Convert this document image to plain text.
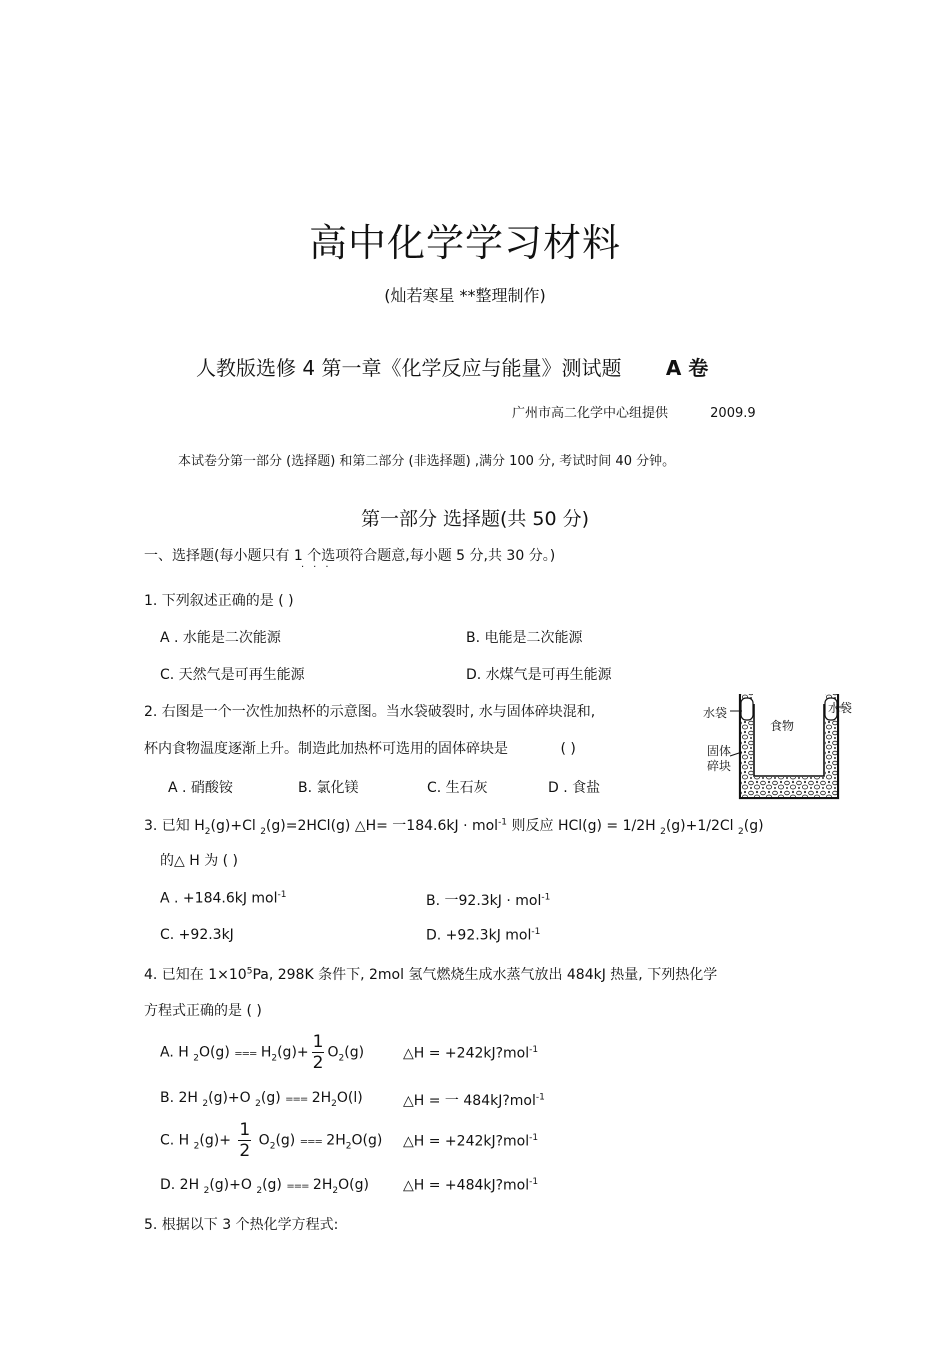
高中化学学习材料
(灿若寒星 **整理制作)
人教版选修 4 第一章《化学反应与能量》测试题 A 卷
广州市高二化学中心组提供	2009.9
本试卷分第一部分 (选择题) 和第二部分 (非选择题) ,满分 100 分, 考试时间 40 分钟。
第一部分 选择题(共 50 分)
一、选择题(每小题只有 1 个选项符合题意,每小题 5 分,共 30 分。)
···
1. 下列叙述正确的是 ( )
A . 水能是二次能源	B. 电能是二次能源
C. 天然气是可再生能源	D. 水煤气是可再生能源
2. 右图是一个一次性加热杯的示意图。当水袋破裂时, 水与固体碎块混和,
杯内食物温度逐渐上升。制造此加热杯可选用的固体碎块是	( )
A . 硝酸铵	B. 氯化镁	C. 生石灰	D . 食盐
水袋	水袋
食物
固体
碎块
3. 已知 $H_2(g)+Cl$ $_2$(g)=2HCl(g) △H= 一184.6kJ · mol$^{-1}$ 则反应 HCl(g) = 1/2H $_2$(g)+1/2Cl $_2$(g)
的△ H 为 ( )
A . +184.6kJ mol$^{-1}$	B. 一92.3kJ · mol$^{-1}$
C. +92.3kJ	D. +92.3kJ mol$^{-1}$
4. 已知在 $1\times 10^5Pa$, 298K 条件下, 2mol 氢气燃烧生成水蒸气放出 484kJ 热量, 下列热化学
方程式正确的是 ( )
A. H $_2$O(g) === $H_2(g)+ \frac{1}{2} O_2(g)$	△H = +242kJ?mol$^{-1}$
B. 2H $_2$(g)+O $_2$(g) === $2H_2O(l)$	△H = 一 484kJ?mol$^{-1}$
C. H $_2(g)+ \frac{1}{2} O_2(g)$ === $2H_2O(g)$ △H = +242kJ?mol$^{-1}$
D. 2H $_2$(g)+O $_2$(g) === $2H_2O(g)$ △H = +484kJ?mol$^{-1}$
5. 根据以下 3 个热化学方程式:
